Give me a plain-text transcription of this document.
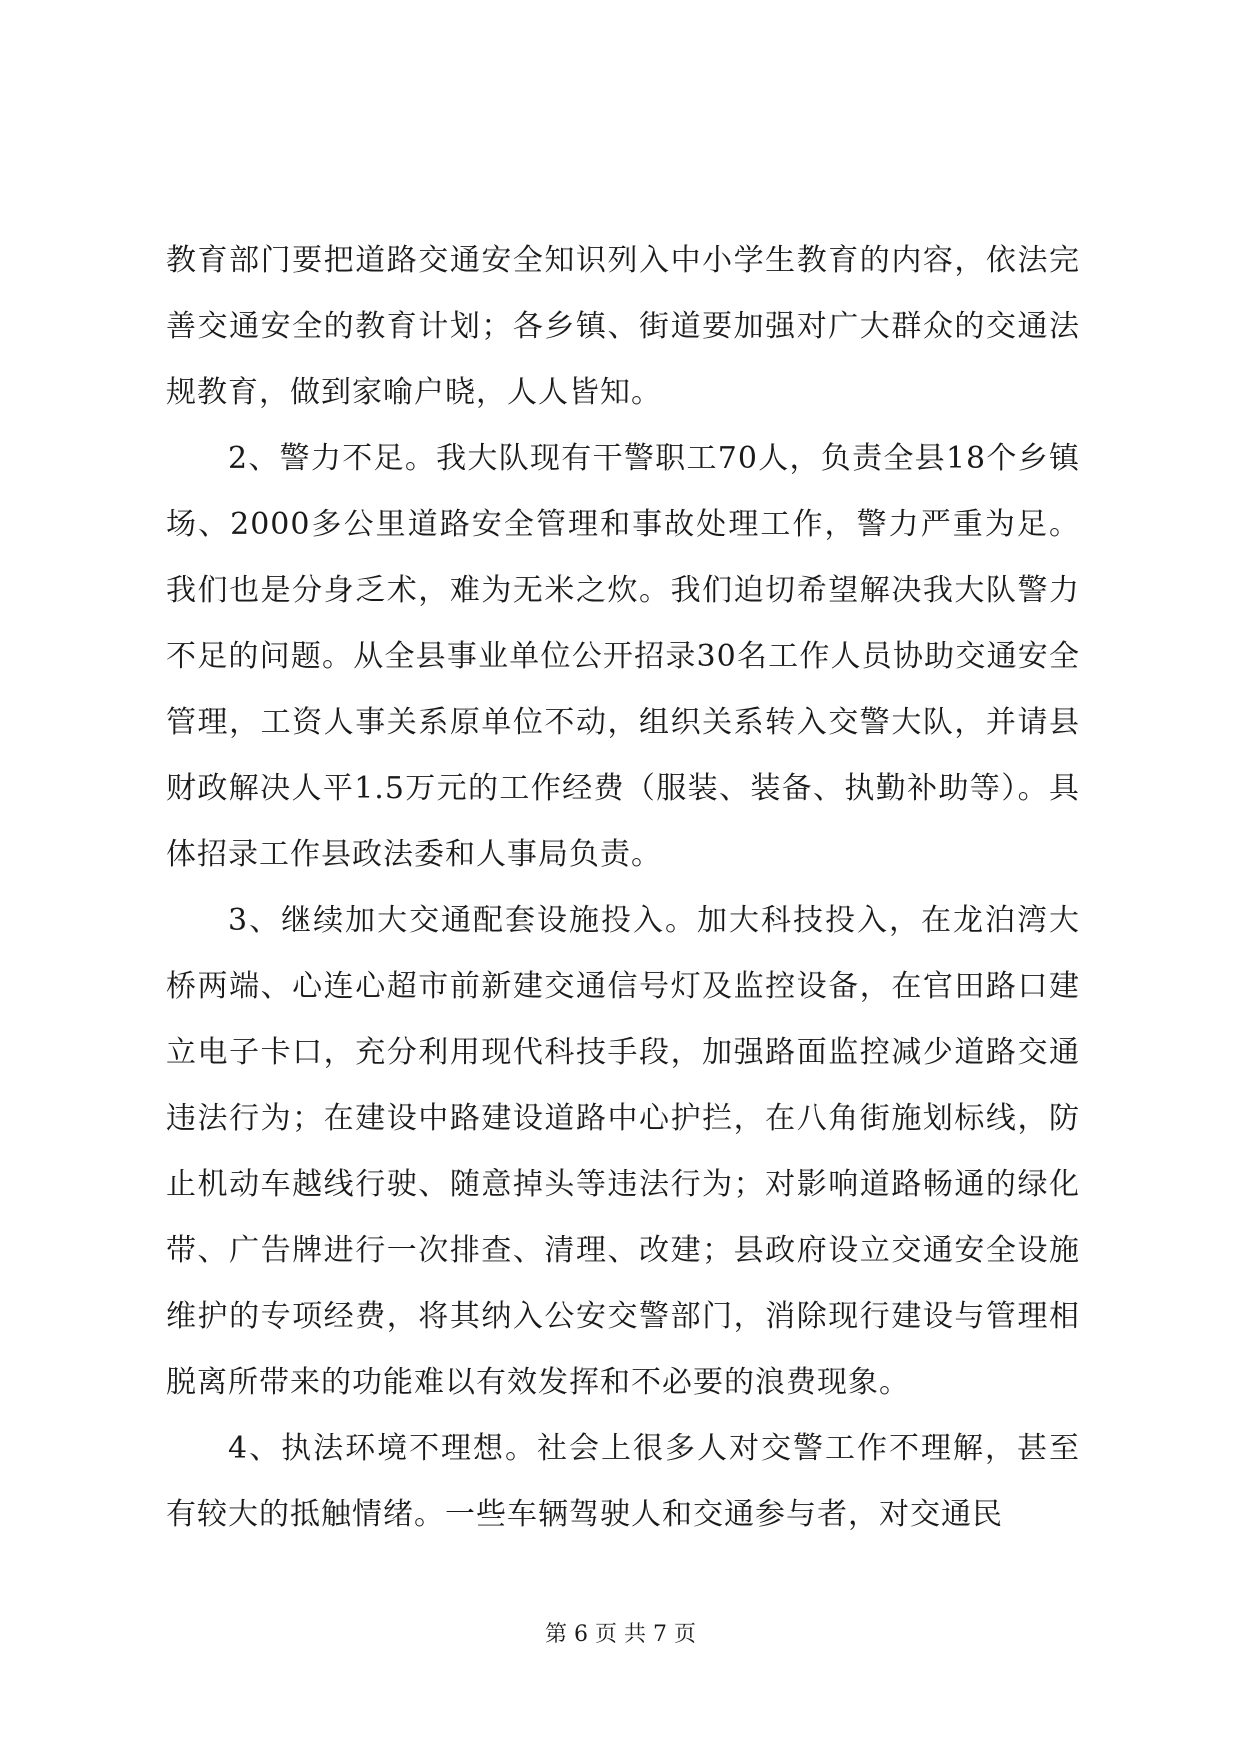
教育部门要把道路交通安全知识列入中小学生教育的内容，依法完善交通安全的教育计划；各乡镇、街道要加强对广大群众的交通法规教育，做到家喻户晓，人人皆知。

2、警力不足。我大队现有干警职工70人，负责全县18个乡镇场、2000多公里道路安全管理和事故处理工作，警力严重为足。我们也是分身乏术，难为无米之炊。我们迫切希望解决我大队警力不足的问题。从全县事业单位公开招录30名工作人员协助交通安全管理，工资人事关系原单位不动，组织关系转入交警大队，并请县财政解决人平1.5万元的工作经费（服装、装备、执勤补助等）。具体招录工作县政法委和人事局负责。

3、继续加大交通配套设施投入。加大科技投入，在龙泊湾大桥两端、心连心超市前新建交通信号灯及监控设备，在官田路口建立电子卡口，充分利用现代科技手段，加强路面监控减少道路交通违法行为；在建设中路建设道路中心护拦，在八角街施划标线，防止机动车越线行驶、随意掉头等违法行为；对影响道路畅通的绿化带、广告牌进行一次排查、清理、改建；县政府设立交通安全设施维护的专项经费，将其纳入公安交警部门，消除现行建设与管理相脱离所带来的功能难以有效发挥和不必要的浪费现象。

4、执法环境不理想。社会上很多人对交警工作不理解，甚至有较大的抵触情绪。一些车辆驾驶人和交通参与者，对交通民

第 6 页 共 7 页
